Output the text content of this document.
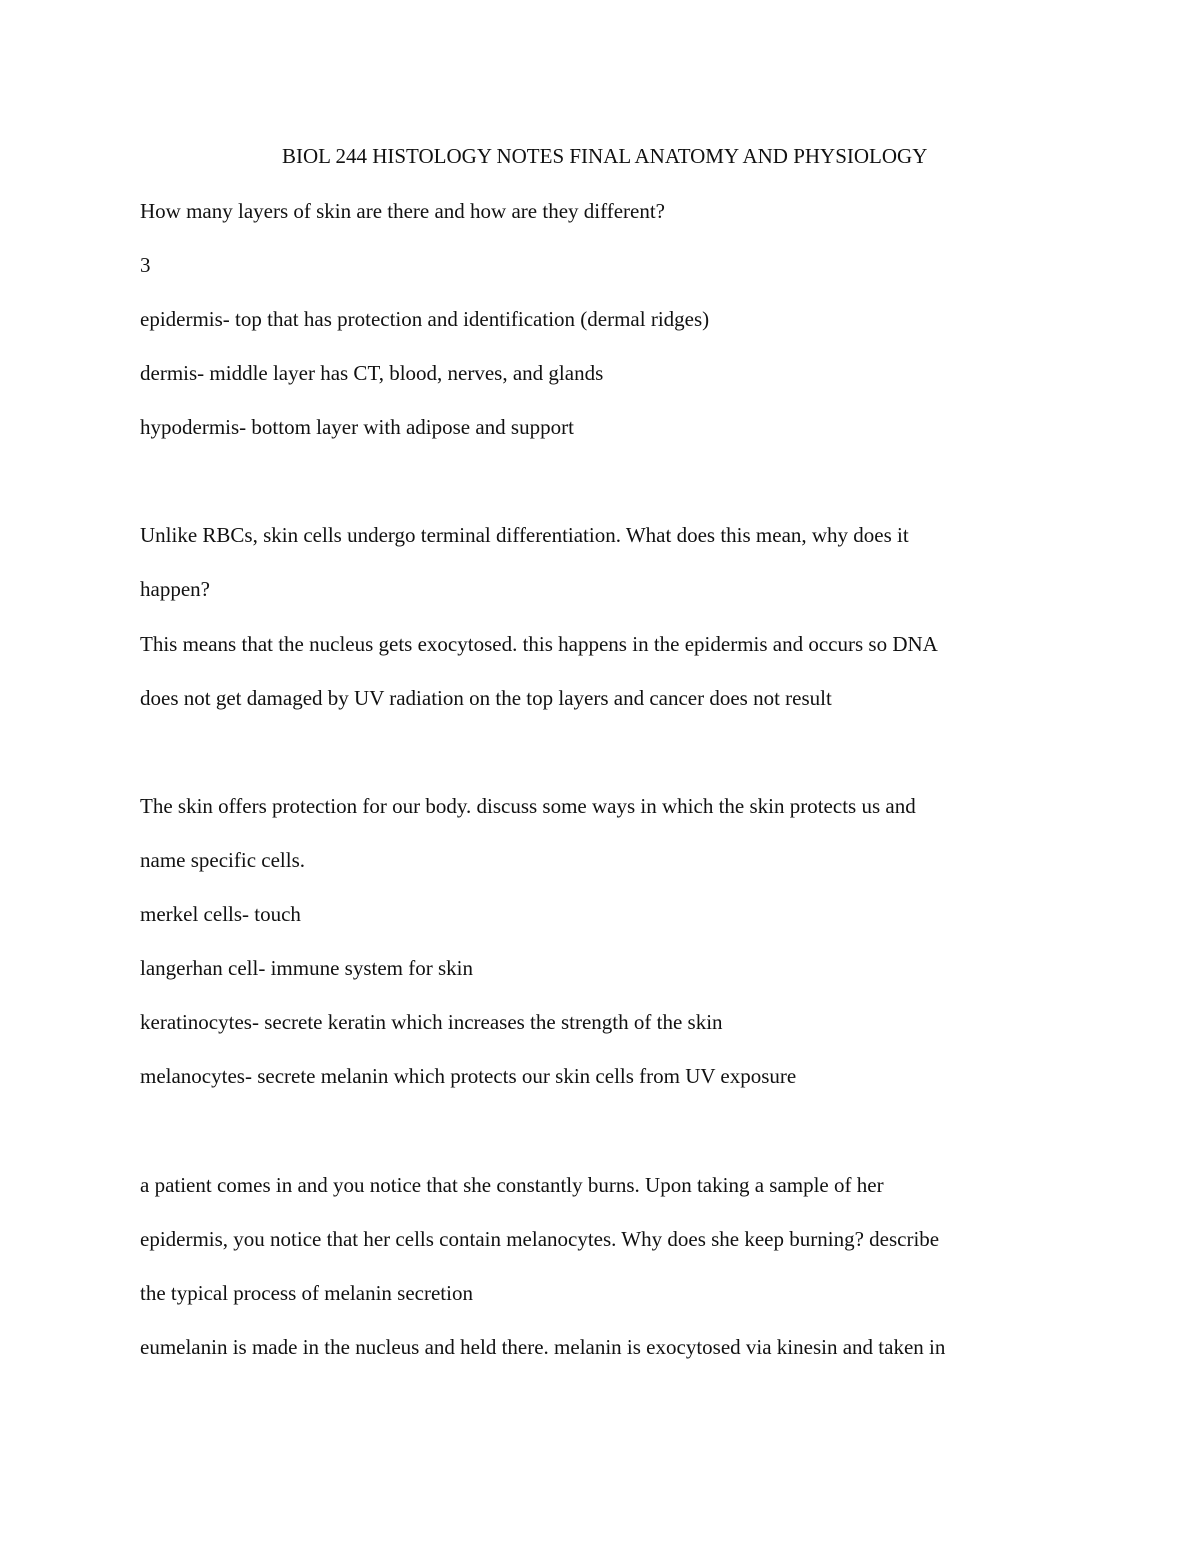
BIOL 244 HISTOLOGY NOTES FINAL ANATOMY AND PHYSIOLOGY

How many layers of skin are there and how are they different?

3

epidermis- top that has protection and identification (dermal ridges)

dermis- middle layer has CT, blood, nerves, and glands

hypodermis- bottom layer with adipose and support

Unlike RBCs, skin cells undergo terminal differentiation. What does this mean, why does it

happen?

This means that the nucleus gets exocytosed. this happens in the epidermis and occurs so DNA

does not get damaged by UV radiation on the top layers and cancer does not result

The skin offers protection for our body. discuss some ways in which the skin protects us and

name specific cells.

merkel cells- touch

langerhan cell- immune system for skin

keratinocytes- secrete keratin which increases the strength of the skin

melanocytes- secrete melanin which protects our skin cells from UV exposure

a patient comes in and you notice that she constantly burns. Upon taking a sample of her

epidermis, you notice that her cells contain melanocytes. Why does she keep burning? describe

the typical process of melanin secretion

eumelanin is made in the nucleus and held there. melanin is exocytosed via kinesin and taken in
